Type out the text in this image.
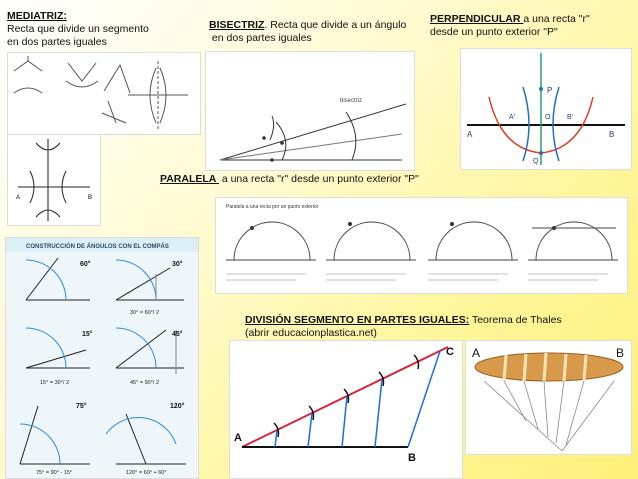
MEDIATRIZ:
Recta que divide un segmento
en dos partes iguales
BISECTRIZ. Recta que divide a un ángulo
en dos partes iguales
PERPENDICULAR a una recta "r"
desde un punto exterior "P"
PARALELA  a una recta "r" desde un punto exterior "P"
DIVISIÓN SEGMENTO EN PARTES IGUALES: Teorema de Thales
(abrir educacionplastica.net)
A	B
bisectriz
P
A	B
A'	B'
O
Q
Paralela a una recta por un punto exterior
CONSTRUCCIÓN DE ÁNGULOS CON EL COMPÁS
60°	30°
15°	45°
75°	120°
30° = 60°/ 2
15° = 30°/ 2	45° = 90°/ 2
75° = 90° - 15°	120° = 60° + 60°
A
B
C A	B
